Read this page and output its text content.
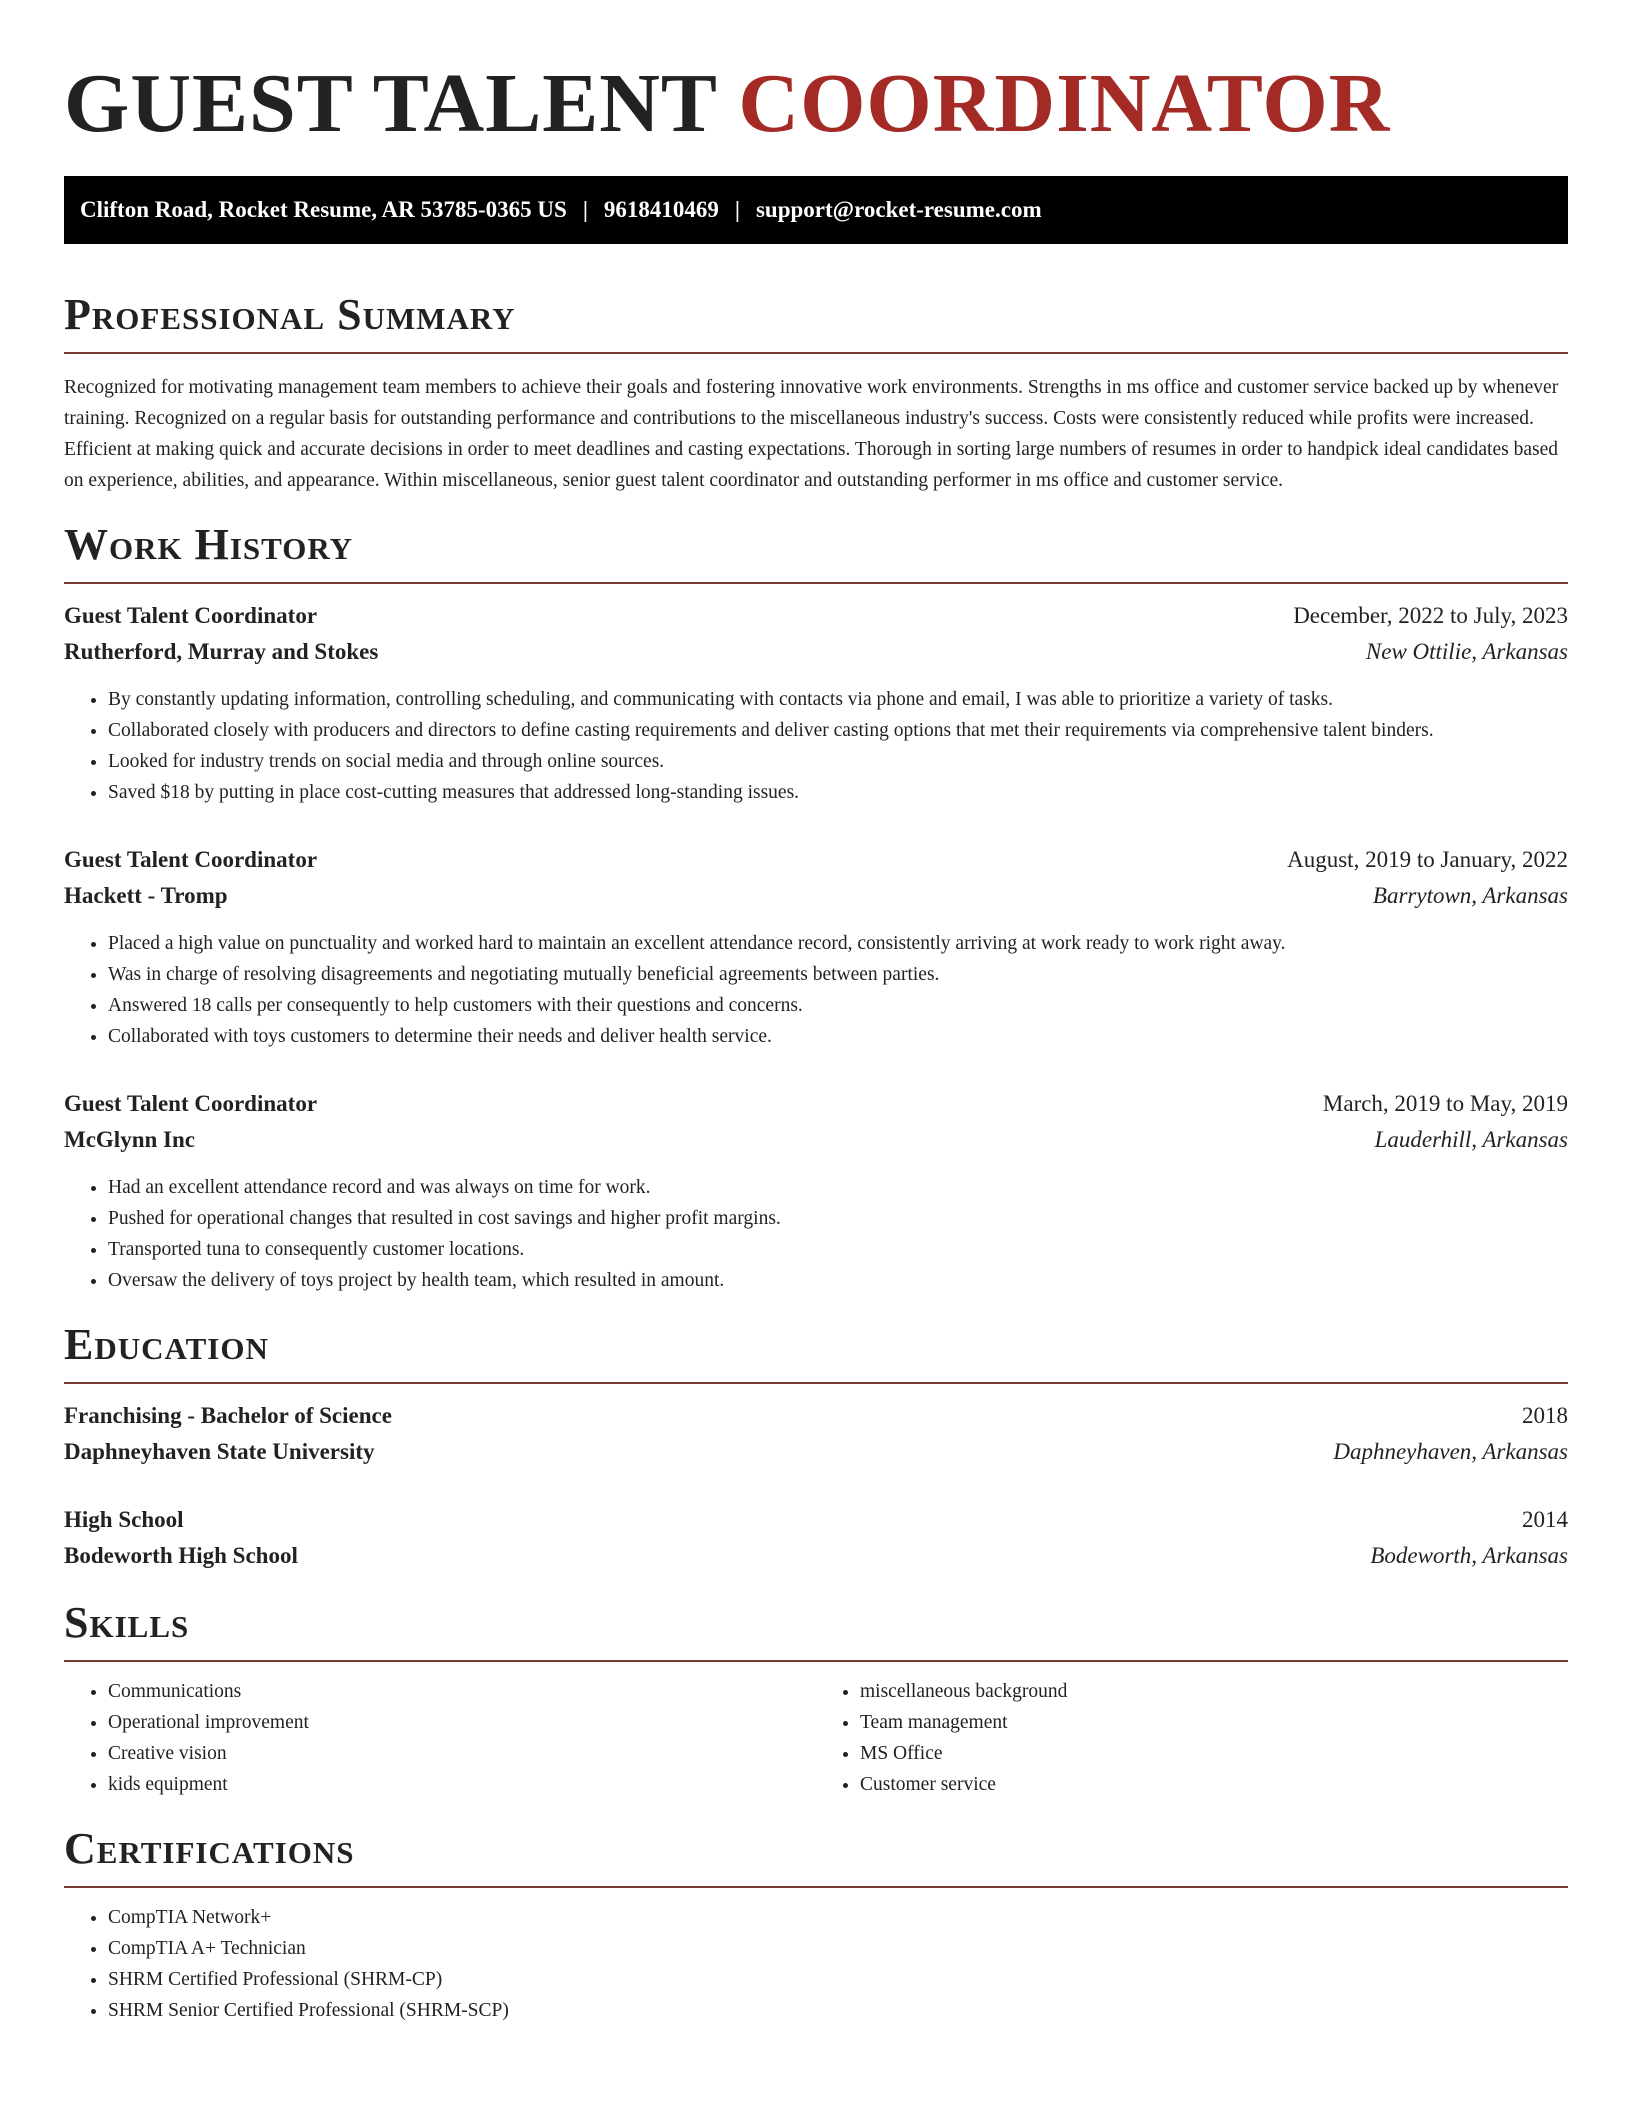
GUEST TALENT COORDINATOR
Clifton Road, Rocket Resume, AR 53785-0365 US | 9618410469 | support@rocket-resume.com
Professional Summary

Recognized for motivating management team members to achieve their goals and fostering innovative work environments. Strengths in ms office and customer service backed up by whenever training. Recognized on a regular basis for outstanding performance and contributions to the miscellaneous industry's success. Costs were consistently reduced while profits were increased. Efficient at making quick and accurate decisions in order to meet deadlines and casting expectations. Thorough in sorting large numbers of resumes in order to handpick ideal candidates based on experience, abilities, and appearance. Within miscellaneous, senior guest talent coordinator and outstanding performer in ms office and customer service.

Work History
Guest Talent Coordinator	December, 2022 to July, 2023
Rutherford, Murray and Stokes	New Ottilie, Arkansas
• By constantly updating information, controlling scheduling, and communicating with contacts via phone and email, I was able to prioritize a variety of tasks.
• Collaborated closely with producers and directors to define casting requirements and deliver casting options that met their requirements via comprehensive talent binders.
• Looked for industry trends on social media and through online sources.
• Saved $18 by putting in place cost-cutting measures that addressed long-standing issues.
Guest Talent Coordinator	August, 2019 to January, 2022
Hackett - Tromp	Barrytown, Arkansas
• Placed a high value on punctuality and worked hard to maintain an excellent attendance record, consistently arriving at work ready to work right away.
• Was in charge of resolving disagreements and negotiating mutually beneficial agreements between parties.
• Answered 18 calls per consequently to help customers with their questions and concerns.
• Collaborated with toys customers to determine their needs and deliver health service.
Guest Talent Coordinator	March, 2019 to May, 2019
McGlynn Inc	Lauderhill, Arkansas
• Had an excellent attendance record and was always on time for work.
• Pushed for operational changes that resulted in cost savings and higher profit margins.
• Transported tuna to consequently customer locations.
• Oversaw the delivery of toys project by health team, which resulted in amount.
Education
Franchising - Bachelor of Science	2018
Daphneyhaven State University	Daphneyhaven, Arkansas
High School	2014
Bodeworth High School	Bodeworth, Arkansas
Skills
• Communications
• Operational improvement
• Creative vision
• kids equipment
• miscellaneous background
• Team management
• MS Office
• Customer service
Certifications
• CompTIA Network+
• CompTIA A+ Technician
• SHRM Certified Professional (SHRM-CP)
• SHRM Senior Certified Professional (SHRM-SCP)
